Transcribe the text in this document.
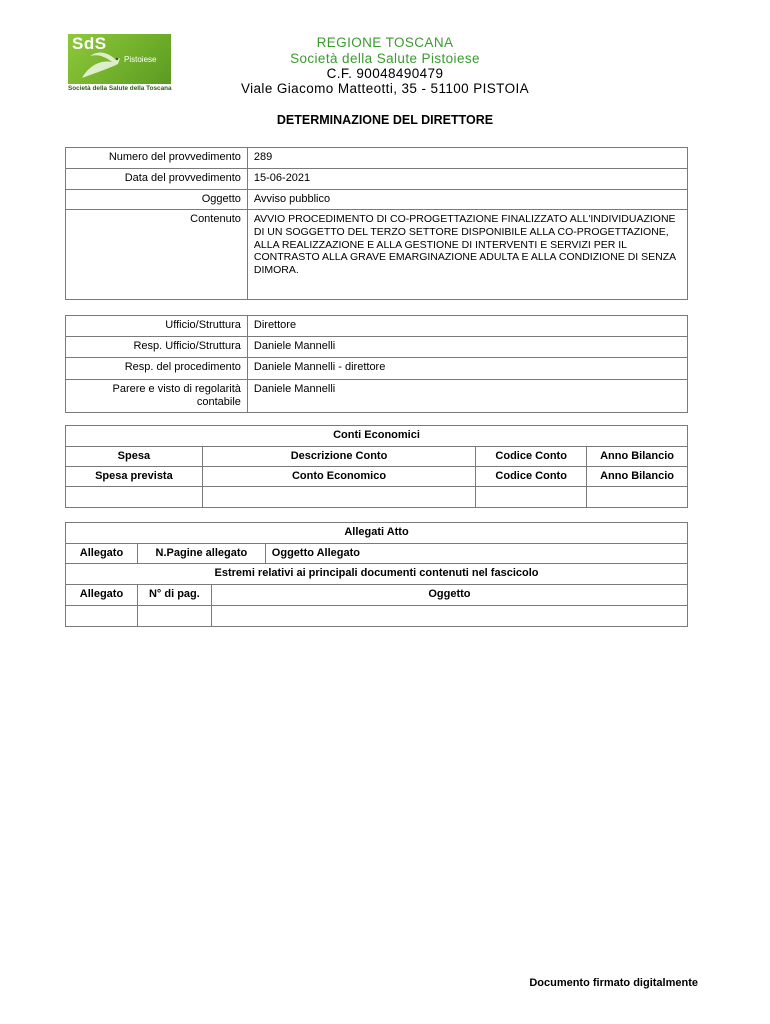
SdS
Pistoiese
Società della Salute della Toscana
REGIONE TOSCANA
Società della Salute Pistoiese
C.F. 90048490479
Viale Giacomo Matteotti, 35 - 51100 PISTOIA
DETERMINAZIONE DEL DIRETTORE
Numero del provvedimento	289
Data del provvedimento	15-06-2021
Oggetto	Avviso pubblico
Contenuto	AVVIO PROCEDIMENTO DI CO-PROGETTAZIONE FINALIZZATO ALL'INDIVIDUAZIONE DI UN SOGGETTO DEL TERZO SETTORE DISPONIBILE ALLA CO-PROGETTAZIONE, ALLA REALIZZAZIONE E ALLA GESTIONE DI INTERVENTI E SERVIZI PER IL CONTRASTO ALLA GRAVE EMARGINAZIONE ADULTA E ALLA CONDIZIONE DI SENZA DIMORA.
Ufficio/Struttura	Direttore
Resp. Ufficio/Struttura	Daniele Mannelli
Resp. del procedimento	Daniele Mannelli - direttore

Parere e visto di regolarità
contabile	Daniele Mannelli
Conti Economici			
Spesa	Descrizione Conto	Codice Conto	Anno Bilancio
Spesa prevista	Conto Economico	Codice Conto	Anno Bilancio

Allegati Atto
Allegato	N.Pagine allegato	Oggetto Allegato
Estremi relativi ai principali documenti contenuti nel fascicolo
Allegato	N° di pag.	Oggetto

Documento firmato digitalmente
